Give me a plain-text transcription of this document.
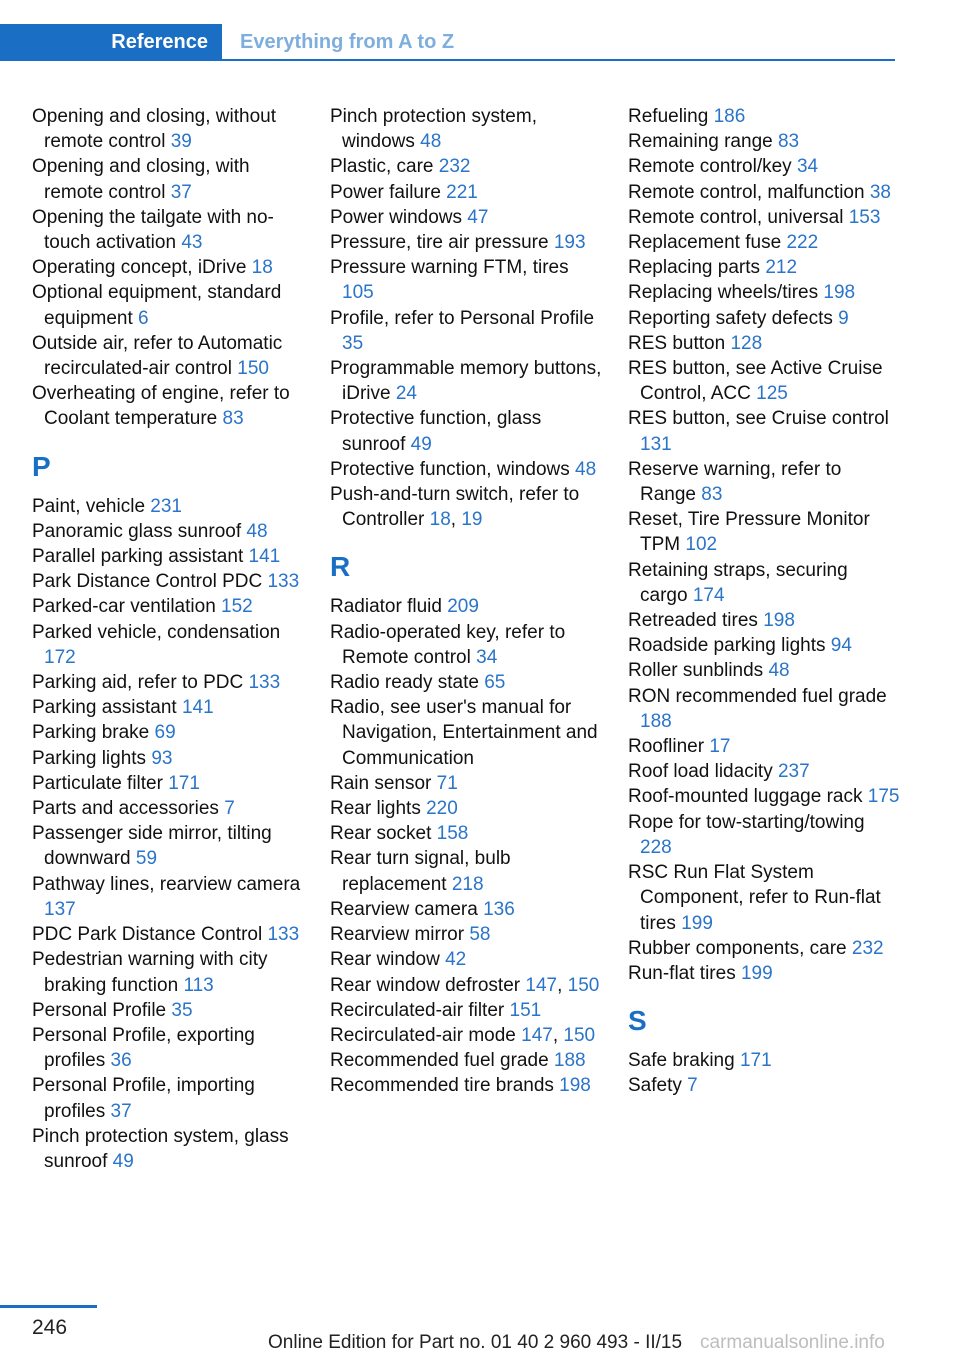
Reference Everything from A to Z
Opening and closing, without remote control 39
Opening and closing, with remote control 37
Opening the tailgate with no-touch activation 43
Operating concept, iDrive 18
Optional equipment, standard equipment 6
Outside air, refer to Automatic recirculated-air control 150
Overheating of engine, refer to Coolant temperature 83
P
Paint, vehicle 231
Panoramic glass sunroof 48
Parallel parking assistant 141
Park Distance Control PDC 133
Parked-car ventilation 152
Parked vehicle, condensation 172
Parking aid, refer to PDC 133
Parking assistant 141
Parking brake 69
Parking lights 93
Particulate filter 171
Parts and accessories 7
Passenger side mirror, tilting downward 59
Pathway lines, rearview camera 137
PDC Park Distance Control 133
Pedestrian warning with city braking function 113
Personal Profile 35
Personal Profile, exporting profiles 36
Personal Profile, importing profiles 37
Pinch protection system, glass sunroof 49
Pinch protection system, windows 48
Plastic, care 232
Power failure 221
Power windows 47
Pressure, tire air pressure 193
Pressure warning FTM, tires 105
Profile, refer to Personal Profile 35
Programmable memory buttons, iDrive 24
Protective function, glass sunroof 49
Protective function, windows 48
Push-and-turn switch, refer to Controller 18, 19
R
Radiator fluid 209
Radio-operated key, refer to Remote control 34
Radio ready state 65
Radio, see user's manual for Navigation, Entertainment and Communication
Rain sensor 71
Rear lights 220
Rear socket 158
Rear turn signal, bulb replacement 218
Rearview camera 136
Rearview mirror 58
Rear window 42
Rear window defroster 147, 150
Recirculated-air filter 151
Recirculated-air mode 147, 150
Recommended fuel grade 188
Recommended tire brands 198
Refueling 186
Remaining range 83
Remote control/key 34
Remote control, malfunction 38
Remote control, universal 153
Replacement fuse 222
Replacing parts 212
Replacing wheels/tires 198
Reporting safety defects 9
RES button 128
RES button, see Active Cruise Control, ACC 125
RES button, see Cruise control 131
Reserve warning, refer to Range 83
Reset, Tire Pressure Monitor TPM 102
Retaining straps, securing cargo 174
Retreaded tires 198
Roadside parking lights 94
Roller sunblinds 48
RON recommended fuel grade 188
Roofliner 17
Roof load lidacity 237
Roof-mounted luggage rack 175
Rope for tow-starting/towing 228
RSC Run Flat System Component, refer to Run-flat tires 199
Rubber components, care 232
Run-flat tires 199
S
Safe braking 171
Safety 7
246
Online Edition for Part no. 01 40 2 960 493 - II/15 carmanualsonline.info
